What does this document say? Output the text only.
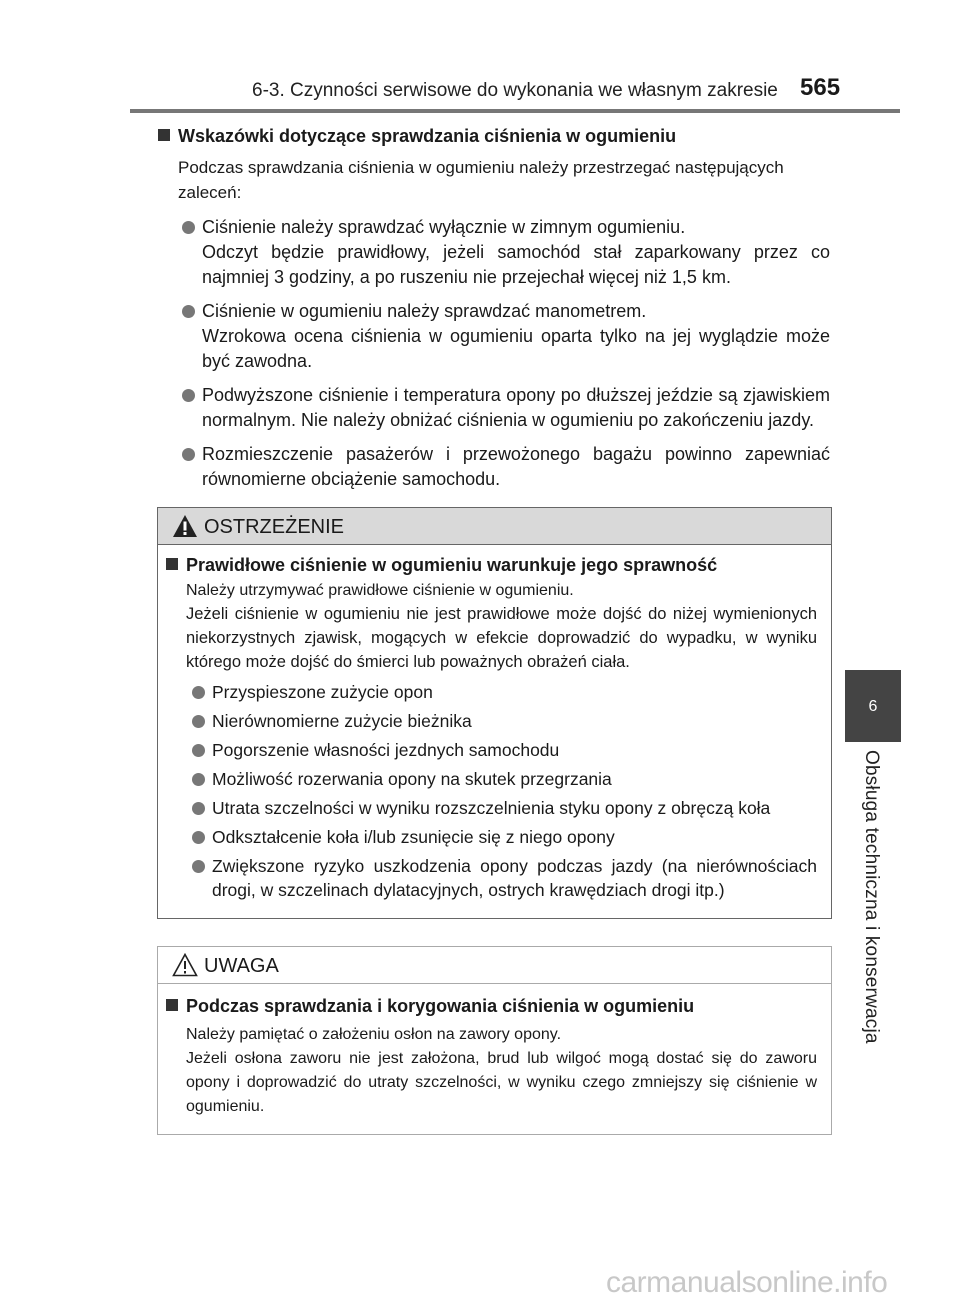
6-3. Czynności serwisowe do wykonania we własnym zakresie 565
6
Obsługa techniczna i konserwacja
Wskazówki dotyczące sprawdzania ciśnienia w ogumieniu
Podczas sprawdzania ciśnienia w ogumieniu należy przestrzegać następujących zaleceń:
Ciśnienie należy sprawdzać wyłącznie w zimnym ogumieniu.
Odczyt będzie prawidłowy, jeżeli samochód stał zaparkowany przez co najmniej 3 godziny, a po ruszeniu nie przejechał więcej niż 1,5 km.
Ciśnienie w ogumieniu należy sprawdzać manometrem.
Wzrokowa ocena ciśnienia w ogumieniu oparta tylko na jej wyglądzie może być zawodna.
Podwyższone ciśnienie i temperatura opony po dłuższej jeździe są zjawiskiem normalnym. Nie należy obniżać ciśnienia w ogumieniu po zakończeniu jazdy.
Rozmieszczenie pasażerów i przewożonego bagażu powinno zapewniać równomierne obciążenie samochodu.
OSTRZEŻENIE
Prawidłowe ciśnienie w ogumieniu warunkuje jego sprawność
Należy utrzymywać prawidłowe ciśnienie w ogumieniu.
Jeżeli ciśnienie w ogumieniu nie jest prawidłowe może dojść do niżej wymienionych niekorzystnych zjawisk, mogących w efekcie doprowadzić do wypadku, w wyniku którego może dojść do śmierci lub poważnych obrażeń ciała.
Przyspieszone zużycie opon
Nierównomierne zużycie bieżnika
Pogorszenie własności jezdnych samochodu
Możliwość rozerwania opony na skutek przegrzania
Utrata szczelności w wyniku rozszczelnienia styku opony z obręczą koła
Odkształcenie koła i/lub zsunięcie się z niego opony
Zwiększone ryzyko uszkodzenia opony podczas jazdy (na nierównościach drogi, w szczelinach dylatacyjnych, ostrych krawędziach drogi itp.)
UWAGA
Podczas sprawdzania i korygowania ciśnienia w ogumieniu
Należy pamiętać o założeniu osłon na zawory opony.
Jeżeli osłona zaworu nie jest założona, brud lub wilgoć mogą dostać się do zaworu opony i doprowadzić do utraty szczelności, w wyniku czego zmniejszy się ciśnienie w ogumieniu.
carmanualsonline.info
